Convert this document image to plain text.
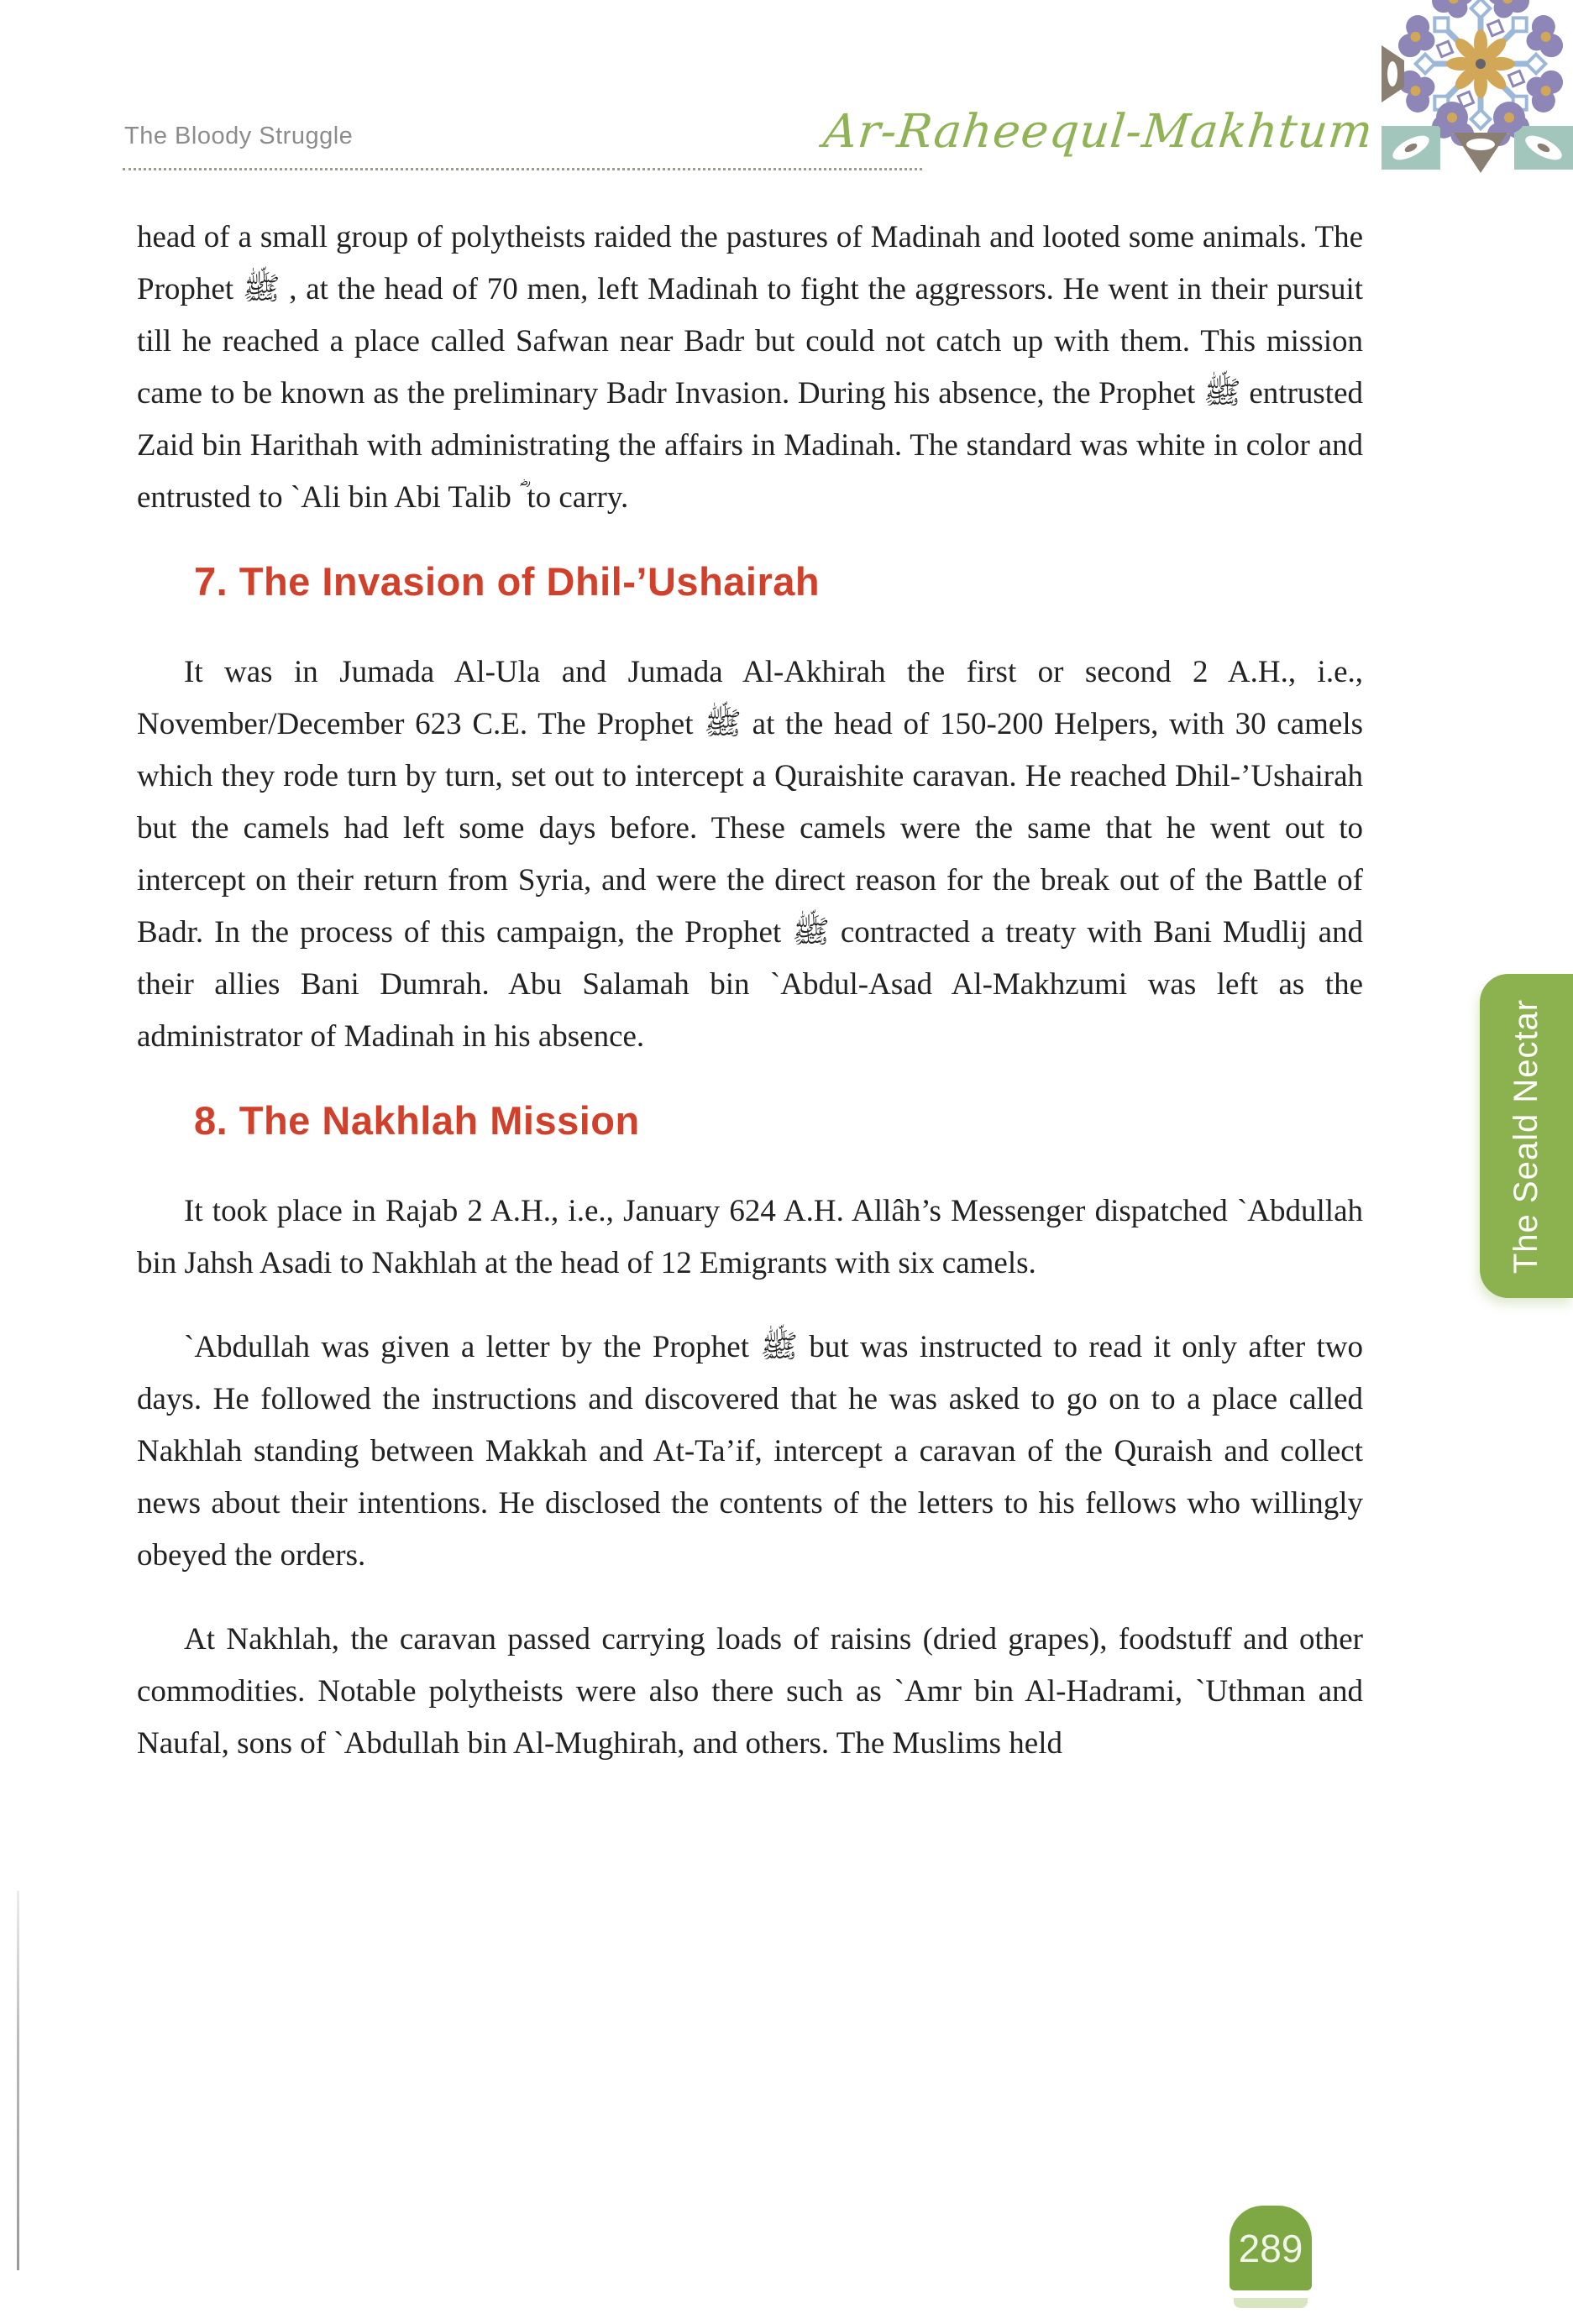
The Bloody Struggle	Ar-Raheequl-Makhtum

head of a small group of polytheists raided the pastures of Madinah and looted some animals. The Prophet ﷺ , at the head of 70 men, left Madinah to fight the aggressors. He went in their pursuit till he reached a place called Safwan near Badr but could not catch up with them. This mission came to be known as the preliminary Badr Invasion. During his absence, the Prophet ﷺ entrusted Zaid bin Harithah with administrating the affairs in Madinah. The standard was white in color and entrusted to `Ali bin Abi Talib ؓ to carry.

7. The Invasion of Dhil-’Ushairah

It was in Jumada Al-Ula and Jumada Al-Akhirah the first or second 2 A.H., i.e., November/December 623 C.E. The Prophet ﷺ at the head of 150-200 Helpers, with 30 camels which they rode turn by turn, set out to intercept a Quraishite caravan. He reached Dhil-’Ushairah but the camels had left some days before. These camels were the same that he went out to intercept on their return from Syria, and were the direct reason for the break out of the Battle of Badr. In the process of this campaign, the Prophet ﷺ contracted a treaty with Bani Mudlij and their allies Bani Dumrah. Abu Salamah bin `Abdul-Asad Al-Makhzumi was left as the administrator of Madinah in his absence.

8. The Nakhlah Mission

It took place in Rajab 2 A.H., i.e., January 624 A.H. Allâh’s Messenger dispatched `Abdullah bin Jahsh Asadi to Nakhlah at the head of 12 Emigrants with six camels.

`Abdullah was given a letter by the Prophet ﷺ but was instructed to read it only after two days. He followed the instructions and discovered that he was asked to go on to a place called Nakhlah standing between Makkah and At-Ta’if, intercept a caravan of the Quraish and collect news about their intentions. He disclosed the contents of the letters to his fellows who willingly obeyed the orders.

At Nakhlah, the caravan passed carrying loads of raisins (dried grapes), foodstuff and other commodities. Notable polytheists were also there such as `Amr bin Al-Hadrami, `Uthman and Naufal, sons of `Abdullah bin Al-Mughirah, and others. The Muslims held

The Seald Nectar
289
